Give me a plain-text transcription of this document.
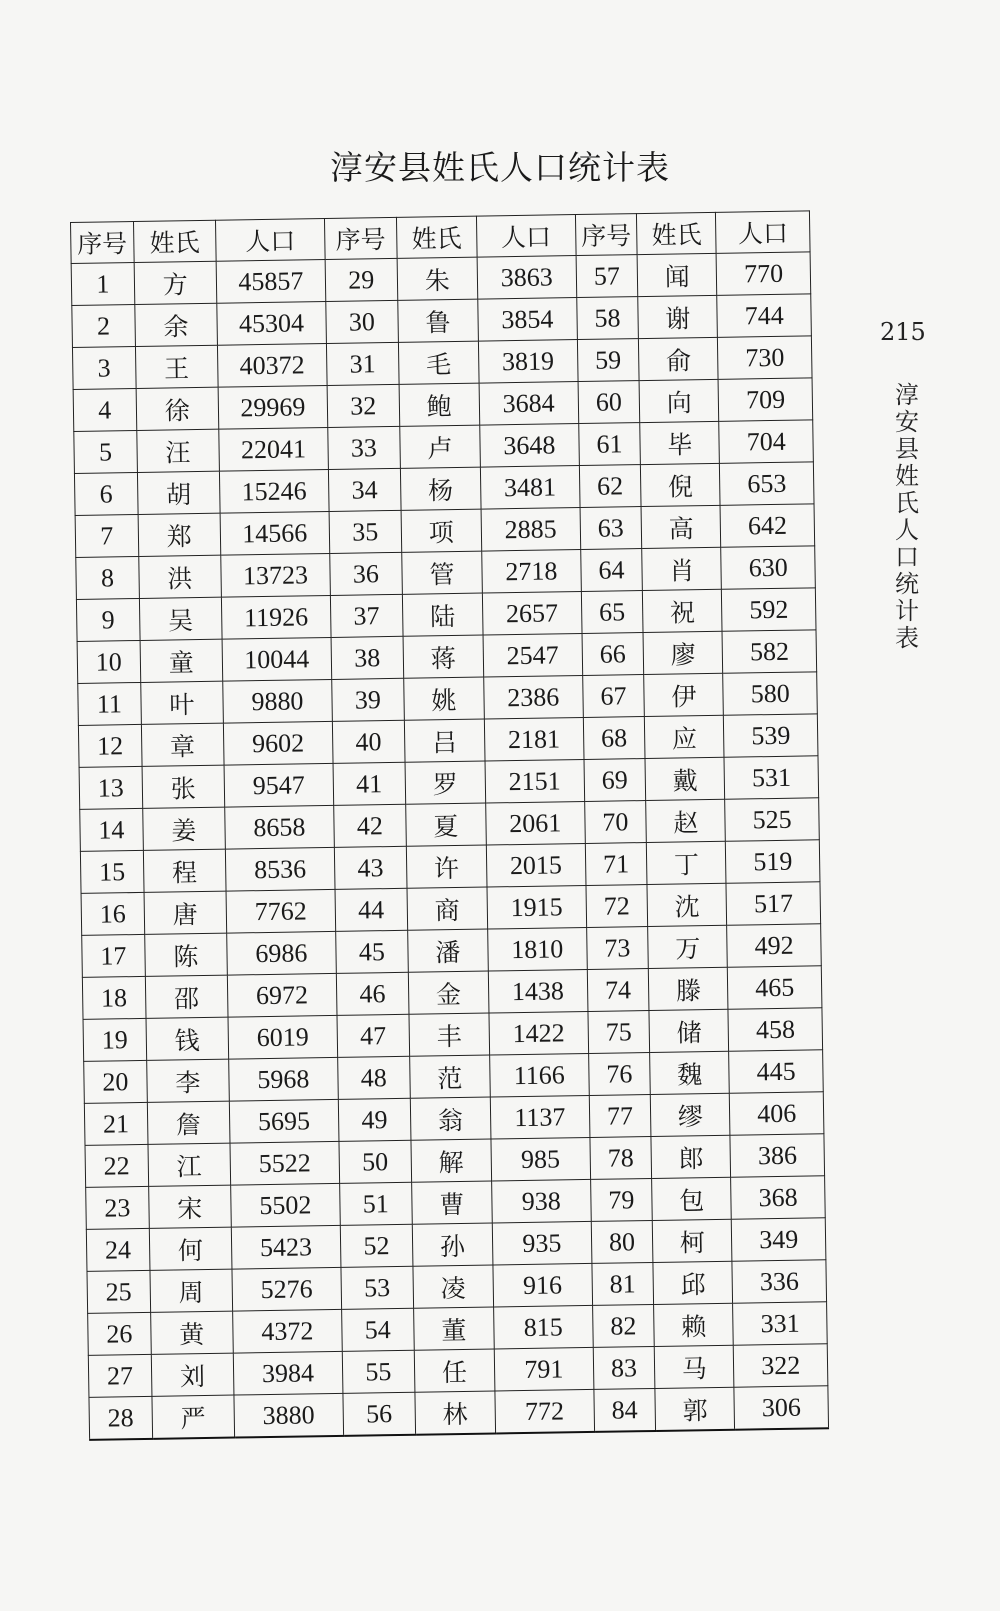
淳安县姓氏人口统计表
215
淳安县姓氏人口统计表
序号	姓氏	人口	序号	姓氏	人口	序号	姓氏	人口
1	方	45857	29	朱	3863	57	闻	770
2	余	45304	30	鲁	3854	58	谢	744
3	王	40372	31	毛	3819	59	俞	730
4	徐	29969	32	鲍	3684	60	向	709
5	汪	22041	33	卢	3648	61	毕	704
6	胡	15246	34	杨	3481	62	倪	653
7	郑	14566	35	项	2885	63	高	642
8	洪	13723	36	管	2718	64	肖	630
9	吴	11926	37	陆	2657	65	祝	592
10	童	10044	38	蒋	2547	66	廖	582
11	叶	9880	39	姚	2386	67	伊	580
12	章	9602	40	吕	2181	68	应	539
13	张	9547	41	罗	2151	69	戴	531
14	姜	8658	42	夏	2061	70	赵	525
15	程	8536	43	许	2015	71	丁	519
16	唐	7762	44	商	1915	72	沈	517
17	陈	6986	45	潘	1810	73	万	492
18	邵	6972	46	金	1438	74	滕	465
19	钱	6019	47	丰	1422	75	储	458
20	李	5968	48	范	1166	76	魏	445
21	詹	5695	49	翁	1137	77	缪	406
22	江	5522	50	解	985	78	郎	386
23	宋	5502	51	曹	938	79	包	368
24	何	5423	52	孙	935	80	柯	349
25	周	5276	53	凌	916	81	邱	336
26	黄	4372	54	董	815	82	赖	331
27	刘	3984	55	任	791	83	马	322
28	严	3880	56	林	772	84	郭	306
